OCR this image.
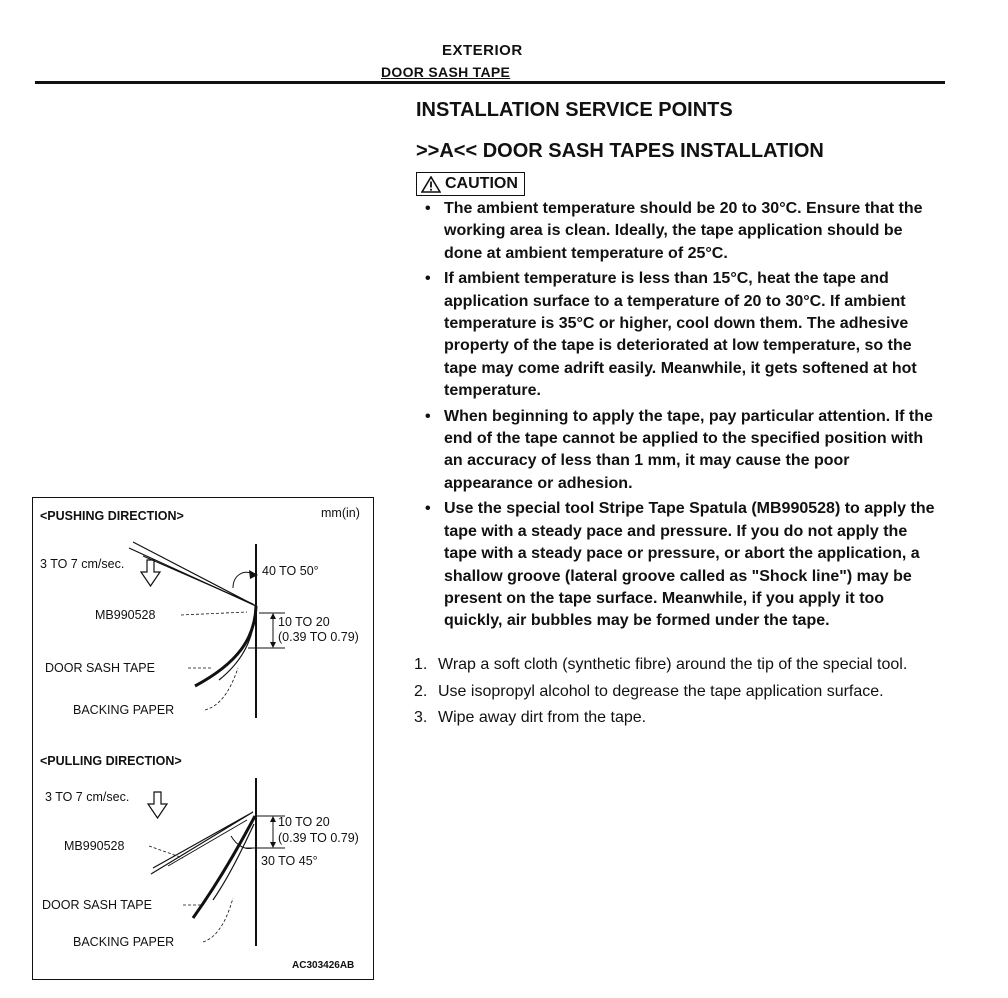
EXTERIOR
DOOR SASH TAPE
INSTALLATION SERVICE POINTS
>>A<< DOOR SASH TAPES INSTALLATION
CAUTION
• The ambient temperature should be 20 to 30°C. Ensure that the working area is clean. Ideally, the tape application should be done at ambient temperature of 25°C.
• If ambient temperature is less than 15°C, heat the tape and application surface to a temperature of 20 to 30°C. If ambient temperature is 35°C or higher, cool down them. The adhesive property of the tape is deteriorated at low temperature, so the tape may come adrift easily. Meanwhile, it gets softened at hot temperature.
• When beginning to apply the tape, pay particular attention. If the end of the tape cannot be applied to the specified position with an accuracy of less than 1 mm, it may cause the poor appearance or adhesion.
• Use the special tool Stripe Tape Spatula (MB990528) to apply the tape with a steady pace and pressure. If you do not apply the tape with a steady pace or pressure, or abort the application, a shallow groove (lateral groove called as "Shock line") may be present on the tape surface. Meanwhile, if you apply it too quickly, air bubbles may be formed under the tape.
1. Wrap a soft cloth (synthetic fibre) around the tip of the special tool.
2. Use isopropyl alcohol to degrease the tape application surface.
3. Wipe away dirt from the tape.
<PUSHING DIRECTION>	mm(in)
3 TO 7 cm/sec.	40 TO 50°
MB990528	10 TO 20
(0.39 TO 0.79)
DOOR SASH TAPE
BACKING PAPER
<PULLING DIRECTION>
3 TO 7 cm/sec.
10 TO 20
(0.39 TO 0.79)
MB990528
30 TO 45°
DOOR SASH TAPE
BACKING PAPER
AC303426AB
